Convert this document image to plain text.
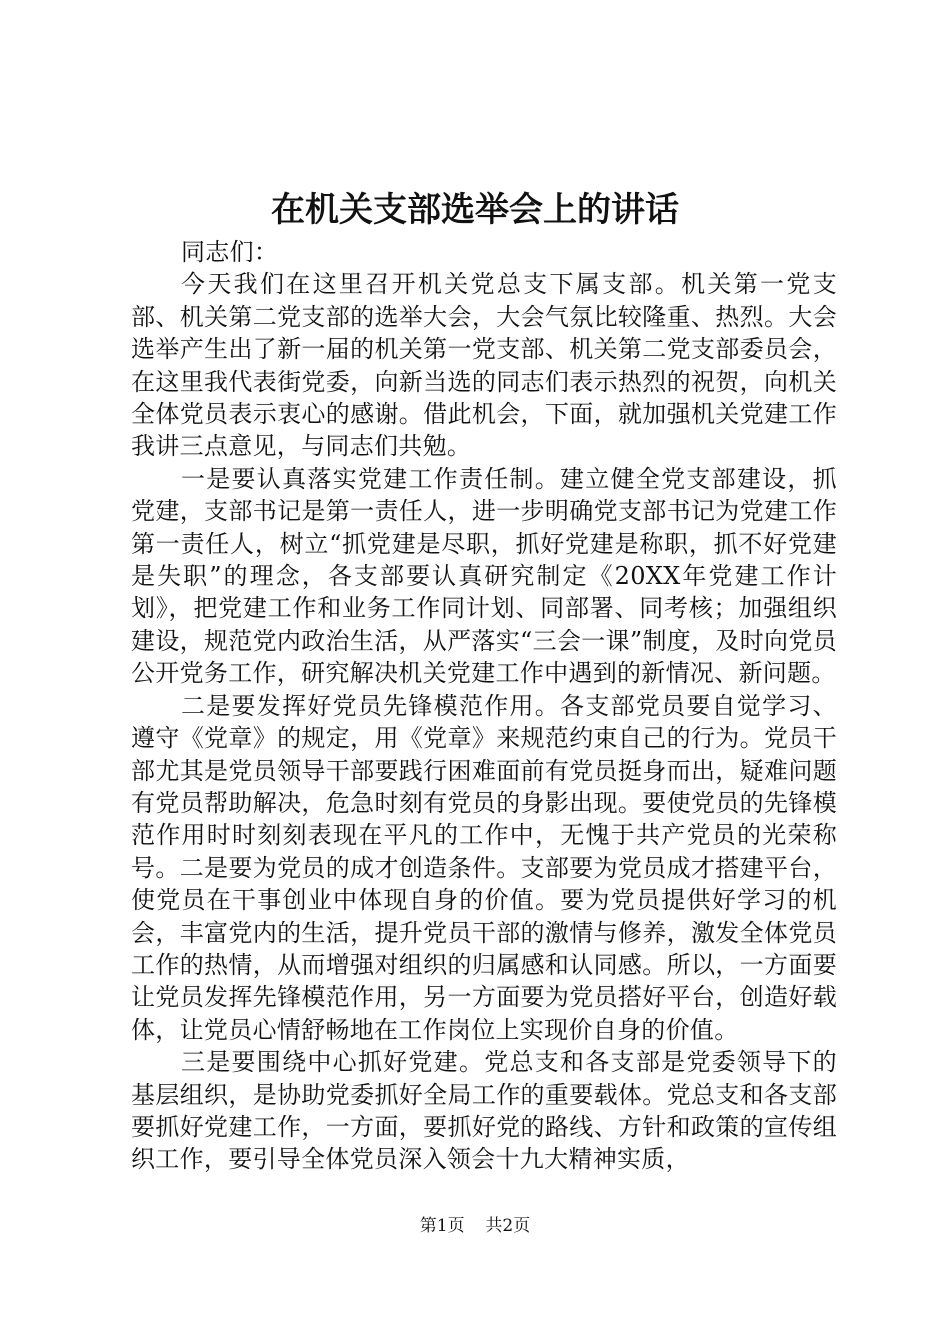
在机关支部选举会上的讲话

同志们：

今天我们在这里召开机关党总支下属支部。机关第一党支部、机关第二党支部的选举大会，大会气氛比较隆重、热烈。大会选举产生出了新一届的机关第一党支部、机关第二党支部委员会，在这里我代表街党委，向新当选的同志们表示热烈的祝贺，向机关全体党员表示衷心的感谢。借此机会，下面，就加强机关党建工作我讲三点意见，与同志们共勉。

一是要认真落实党建工作责任制。建立健全党支部建设，抓党建，支部书记是第一责任人，进一步明确党支部书记为党建工作第一责任人，树立“抓党建是尽职，抓好党建是称职，抓不好党建是失职”的理念，各支部要认真研究制定《20XX年党建工作计划》，把党建工作和业务工作同计划、同部署、同考核；加强组织建设，规范党内政治生活，从严落实“三会一课”制度，及时向党员公开党务工作，研究解决机关党建工作中遇到的新情况、新问题。

二是要发挥好党员先锋模范作用。各支部党员要自觉学习、遵守《党章》的规定，用《党章》来规范约束自己的行为。党员干部尤其是党员领导干部要践行困难面前有党员挺身而出，疑难问题有党员帮助解决，危急时刻有党员的身影出现。要使党员的先锋模范作用时时刻刻表现在平凡的工作中，无愧于共产党员的光荣称号。二是要为党员的成才创造条件。支部要为党员成才搭建平台，使党员在干事创业中体现自身的价值。要为党员提供好学习的机会，丰富党内的生活，提升党员干部的激情与修养，激发全体党员工作的热情，从而增强对组织的归属感和认同感。所以，一方面要让党员发挥先锋模范作用，另一方面要为党员搭好平台，创造好载体，让党员心情舒畅地在工作岗位上实现价自身的价值。

三是要围绕中心抓好党建。党总支和各支部是党委领导下的基层组织，是协助党委抓好全局工作的重要载体。党总支和各支部要抓好党建工作，一方面，要抓好党的路线、方针和政策的宣传组织工作，要引导全体党员深入领会十九大精神实质，

第1页 共2页
